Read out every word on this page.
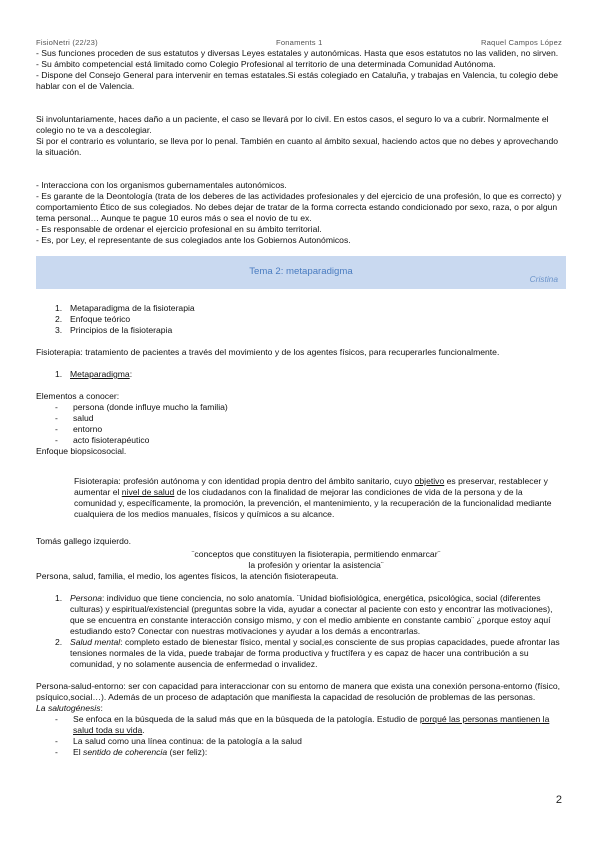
FisioNetri (22/23)	Fonaments 1	Raquel Campos López

- Sus funciones proceden de sus estatutos y diversas Leyes estatales y autonómicas. Hasta que esos estatutos no las validen, no sirven.

- Su ámbito competencial está limitado como Colegio Profesional al territorio de una determinada Comunidad Autónoma.

- Dispone del Consejo General para intervenir en temas estatales.Si estás colegiado en Cataluña, y trabajas en Valencia, tu colegio debe hablar con el de Valencia.

Si involuntariamente, haces daño a un paciente, el caso se llevará por lo civil. En estos casos, el seguro lo va a cubrir. Normalmente el colegio no te va a descolegiar.

Si por el contrario es voluntario, se lleva por lo penal. También en cuanto al ámbito sexual, haciendo actos que no debes y aprovechando la situación.

- Interacciona con los organismos gubernamentales autonómicos.

- Es garante de la Deontología (trata de los deberes de las actividades profesionales y del ejercicio de una profesión, lo que es correcto) y comportamiento Ético de sus colegiados. No debes dejar de tratar de la forma correcta estando condicionado por sexo, raza, o por algun tema personal… Aunque te pague 10 euros más o sea el novio de tu ex.

- Es responsable de ordenar el ejercicio profesional en su ámbito territorial.

- Es, por Ley, el representante de sus colegiados ante los Gobiernos Autonómicos.

Tema 2: metaparadigma
Cristina
1. Metaparadigma de la fisioterapia
2. Enfoque teórico
3. Principios de la fisioterapia

Fisioterapia: tratamiento de pacientes a través del movimiento y de los agentes físicos, para recuperarles funcionalmente.

1. Metaparadigma:

Elementos a conocer:

- persona (donde influye mucho la familia)
- salud
- entorno
- acto fisioterapéutico

Enfoque biopsicosocial.

Fisioterapia: profesión autónoma y con identidad propia dentro del ámbito sanitario, cuyo objetivo es preservar, restablecer y aumentar el nivel de salud de los ciudadanos con la finalidad de mejorar las condiciones de vida de la persona y de la comunidad y, específicamente, la promoción, la prevención, el mantenimiento, y la recuperación de la funcionalidad mediante cualquiera de los medios manuales, físicos y químicos a su alcance.

Tomás gallego izquierdo.

¨conceptos que constituyen la fisioterapia, permitiendo enmarcar¨

la profesión y orientar la asistencia¨

Persona, salud, familia, el medio, los agentes físicos, la atención fisioterapeuta.

1. Persona: individuo que tiene conciencia, no solo anatomía. ¨Unidad biofisiológica, energética, psicológica, social (diferentes culturas) y espiritual/existencial (preguntas sobre la vida, ayudar a conectar al paciente con esto y encontrar las motivaciones), que se encuentra en constante interacción consigo mismo, y con el medio ambiente en constante cambio¨ ¿porque estoy aquí estudiando esto? Conectar con nuestras motivaciones y ayudar a los demás a encontrarlas.
2. Salud mental: completo estado de bienestar físico, mental y social,es consciente de sus propias capacidades, puede afrontar las tensiones normales de la vida, puede trabajar de forma productiva y fructífera y es capaz de hacer una contribución a su comunidad, y no solamente ausencia de enfermedad o invalidez.

Persona-salud-entorno: ser con capacidad para interaccionar con su entorno de manera que exista una conexión persona-entorno (físico, psíquico,social…). Además de un proceso de adaptación que manifiesta la capacidad de resolución de problemas de las personas.

La salutogénesis:

- Se enfoca en la búsqueda de la salud más que en la búsqueda de la patología. Estudio de porqué las personas mantienen la salud toda su vida.
- La salud como una línea continua: de la patología a la salud
- El sentido de coherencia (ser feliz):
2
